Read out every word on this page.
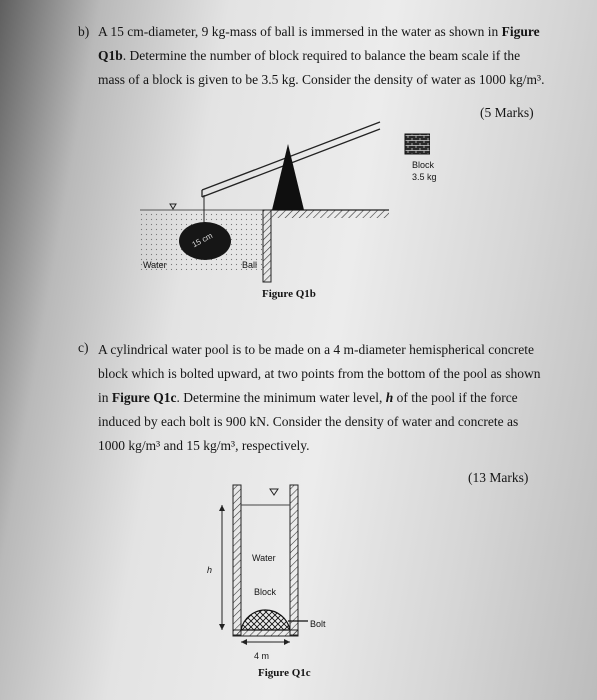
b) A 15 cm-diameter, 9 kg-mass of ball is immersed in the water as shown in Figure
Q1b. Determine the number of block required to balance the beam scale if the
mass of a block is given to be 3.5 kg. Consider the density of water as 1000 kg/m³.
(5 Marks)
15 cm
Block
3.5 kg
Water	Ball
Figure Q1b
c) A cylindrical water pool is to be made on a 4 m-diameter hemispherical concrete
block which is bolted upward, at two points from the bottom of the pool as shown
in Figure Q1c. Determine the minimum water level, h of the pool if the force
induced by each bolt is 900 kN. Consider the density of water and concrete as
1000 kg/m³ and 15 kg/m³, respectively.
(13 Marks)
Water
h
Block
Bolt
4 m
Figure Q1c
